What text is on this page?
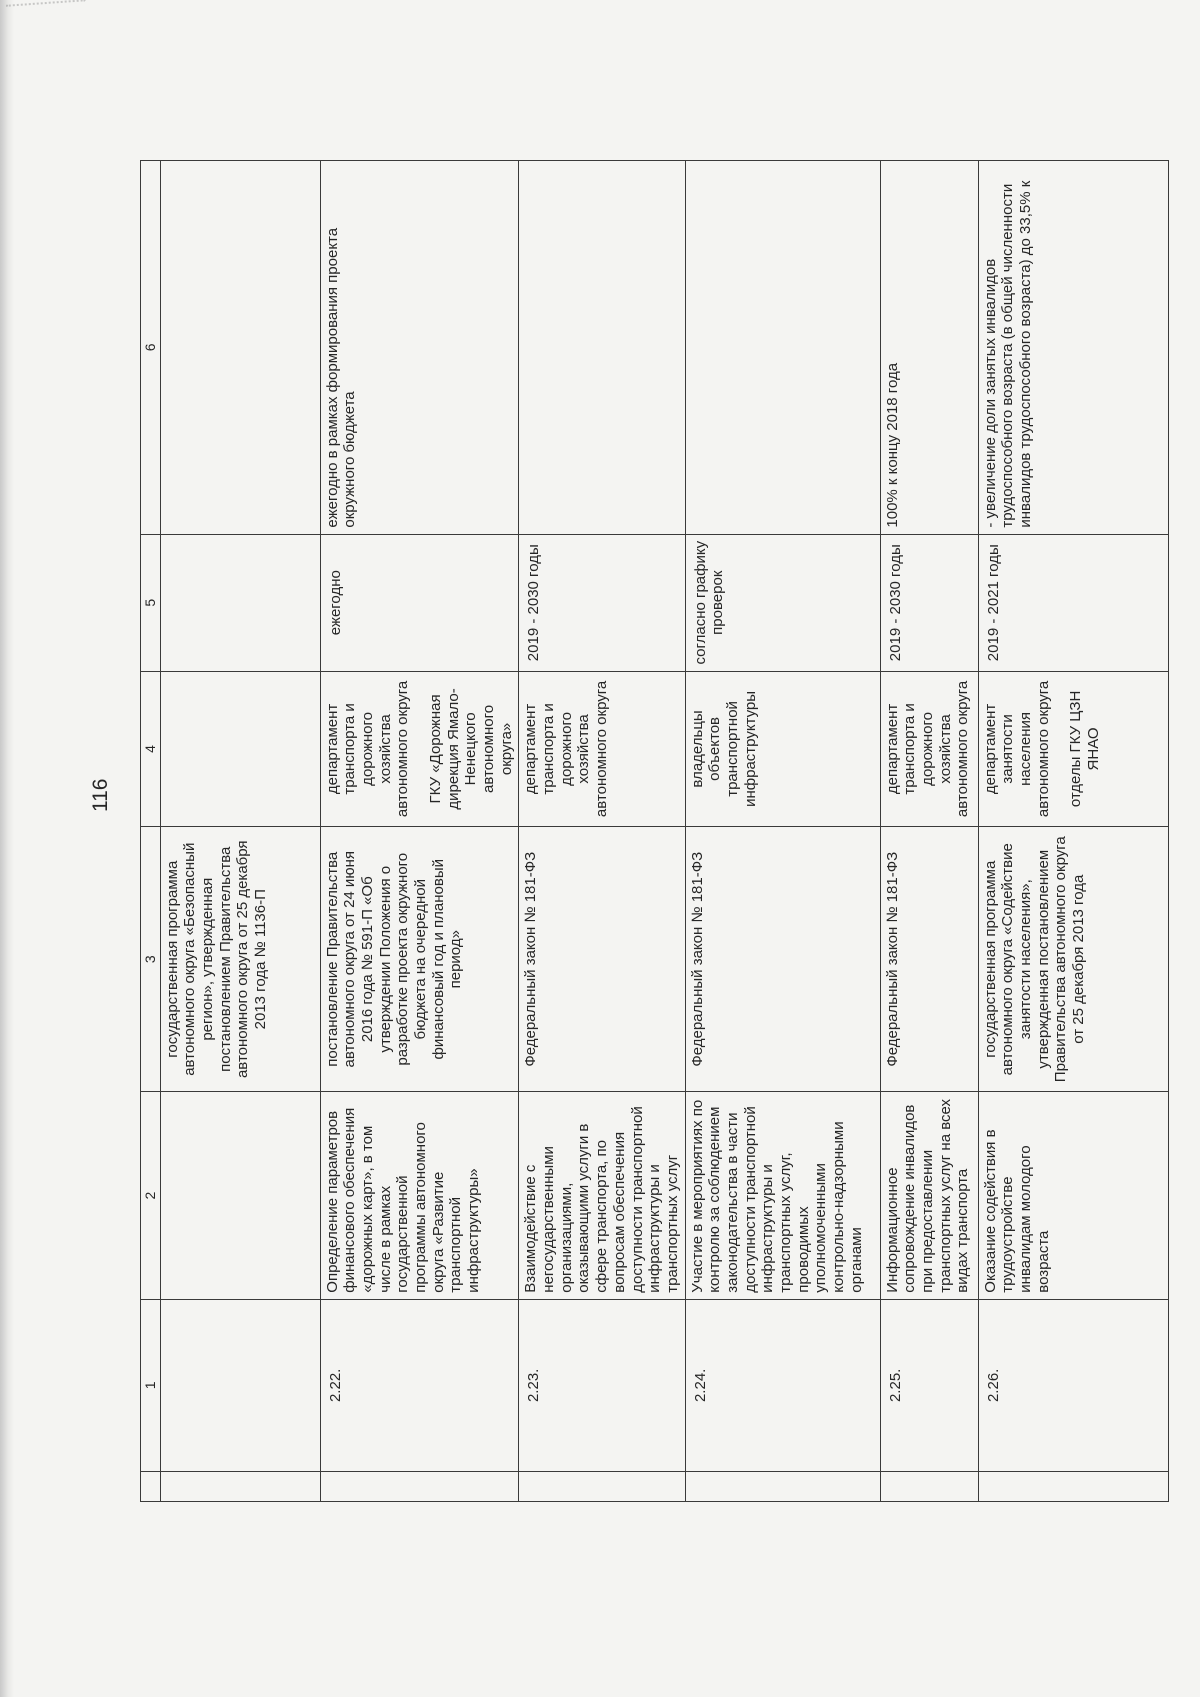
116
	1	2	3	4	5	6
			государственная программа автономного округа «Безопасный регион», утвержденная постановлением Правительства автономного округа от 25 декабря 2013 года № 1136-П			
	2.22.	Определение параметров финансового обеспечения «дорожных карт», в том числе в рамках государственной программы автономного округа «Развитие транспортной инфраструктуры»	постановление Правительства автономного округа от 24 июня 2016 года № 591-П «Об утверждении Положения о разработке проекта окружного бюджета на очередной финансовый год и плановый период»	департамент транспорта и дорожного хозяйства автономного округа ГКУ «Дорожная дирекция Ямало-Ненецкого автономного округа»	ежегодно	ежегодно в рамках формирования проекта окружного бюджета
	2.23.	Взаимодействие с негосударственными организациями, оказывающими услуги в сфере транспорта, по вопросам обеспечения доступности транспортной инфраструктуры и транспортных услуг	Федеральный закон № 181-ФЗ	департамент транспорта и дорожного хозяйства автономного округа	2019 - 2030 годы	
	2.24.	Участие в мероприятиях по контролю за соблюдением законодательства в части доступности транспортной инфраструктуры и транспортных услуг, проводимых уполномоченными контрольно-надзорными органами	Федеральный закон № 181-ФЗ	владельцы объектов транспортной инфраструктуры	согласно графику проверок	
	2.25.	Информационное сопровождение инвалидов при предоставлении транспортных услуг на всех видах транспорта	Федеральный закон № 181-ФЗ	департамент транспорта и дорожного хозяйства автономного округа	2019 - 2030 годы	100% к концу 2018 года
	2.26.	Оказание содействия в трудоустройстве инвалидам молодого возраста	государственная программа автономного округа «Содействие занятости населения», утвержденная постановлением Правительства автономного округа от 25 декабря 2013 года	департамент занятости населения автономного округа отделы ГКУ ЦЗН ЯНАО	2019 - 2021 годы	- увеличение доли занятых инвалидов трудоспособного возраста (в общей численности инвалидов трудоспособного возраста) до 33,5% к
